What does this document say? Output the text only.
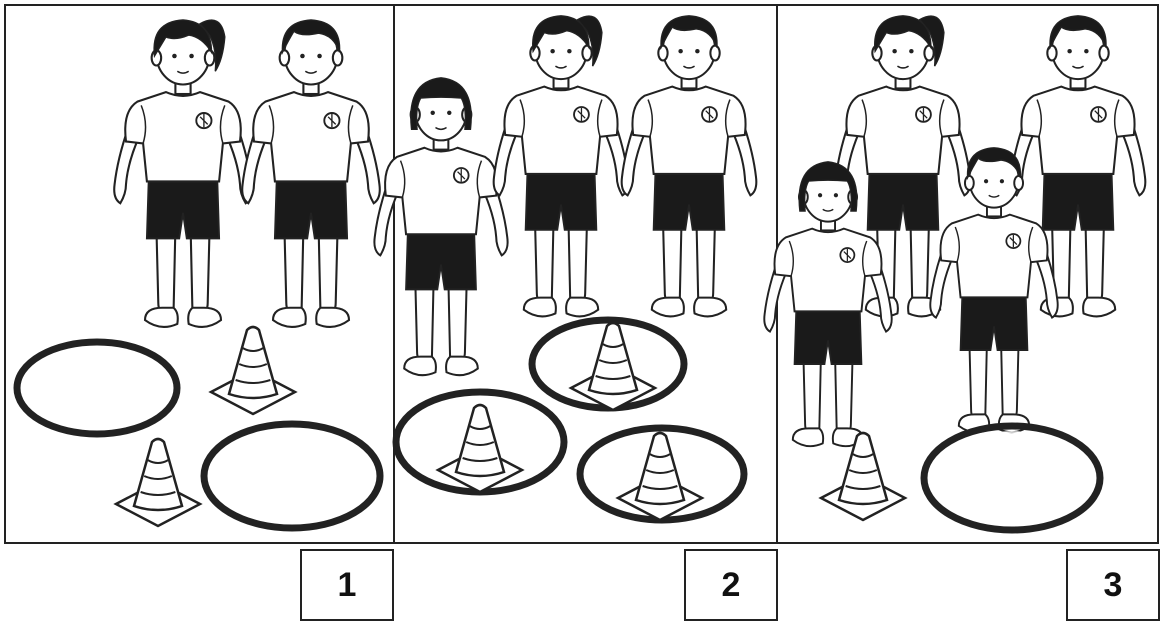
1	2	3
